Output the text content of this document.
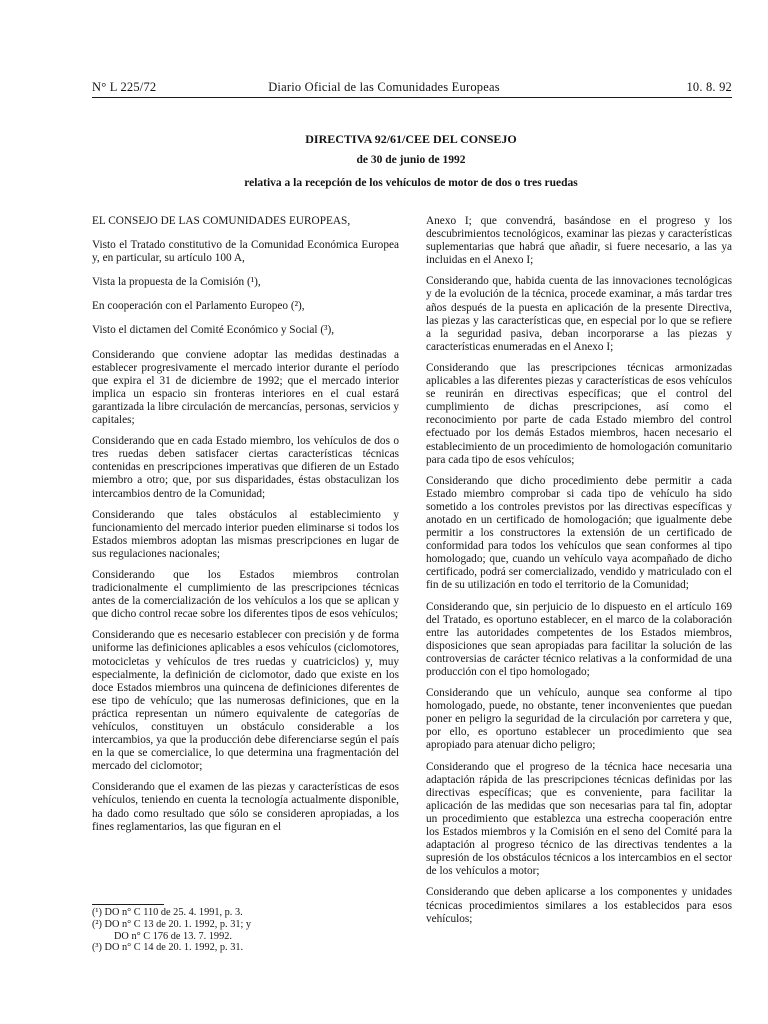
N° L 225/72	Diario Oficial de las Comunidades Europeas	10. 8. 92
DIRECTIVA 92/61/CEE DEL CONSEJO
de 30 de junio de 1992
relativa a la recepción de los vehículos de motor de dos o tres ruedas

EL CONSEJO DE LAS COMUNIDADES EUROPEAS,

Visto el Tratado constitutivo de la Comunidad Económica Europea y, en particular, su artículo 100 A,

Vista la propuesta de la Comisión (¹),

En cooperación con el Parlamento Europeo (²),

Visto el dictamen del Comité Económico y Social (³),

Considerando que conviene adoptar las medidas destinadas a establecer progresivamente el mercado interior durante el período que expira el 31 de diciembre de 1992; que el mercado interior implica un espacio sin fronteras interiores en el cual estará garantizada la libre circulación de mercancías, personas, servicios y capitales;

Considerando que en cada Estado miembro, los vehículos de dos o tres ruedas deben satisfacer ciertas características técnicas contenidas en prescripciones imperativas que difieren de un Estado miembro a otro; que, por sus disparidades, éstas obstaculizan los intercambios dentro de la Comunidad;

Considerando que tales obstáculos al establecimiento y funcionamiento del mercado interior pueden eliminarse si todos los Estados miembros adoptan las mismas prescripciones en lugar de sus regulaciones nacionales;

Considerando que los Estados miembros controlan tradicionalmente el cumplimiento de las prescripciones técnicas antes de la comercialización de los vehículos a los que se aplican y que dicho control recae sobre los diferentes tipos de esos vehículos;

Considerando que es necesario establecer con precisión y de forma uniforme las definiciones aplicables a esos vehículos (ciclomotores, motocicletas y vehículos de tres ruedas y cuatriciclos) y, muy especialmente, la definición de ciclomotor, dado que existe en los doce Estados miembros una quincena de definiciones diferentes de ese tipo de vehículo; que las numerosas definiciones, que en la práctica representan un número equivalente de categorías de vehículos, constituyen un obstáculo considerable a los intercambios, ya que la producción debe diferenciarse según el país en la que se comercialice, lo que determina una fragmentación del mercado del ciclomotor;

Considerando que el examen de las piezas y características de esos vehículos, teniendo en cuenta la tecnología actualmente disponible, ha dado como resultado que sólo se consideren apropiadas, a los fines reglamentarios, las que figuran en el

Anexo I; que convendrá, basándose en el progreso y los descubrimientos tecnológicos, examinar las piezas y características suplementarias que habrá que añadir, si fuere necesario, a las ya incluidas en el Anexo I;

Considerando que, habida cuenta de las innovaciones tecnológicas y de la evolución de la técnica, procede examinar, a más tardar tres años después de la puesta en aplicación de la presente Directiva, las piezas y las características que, en especial por lo que se refiere a la seguridad pasiva, deban incorporarse a las piezas y características enumeradas en el Anexo I;

Considerando que las prescripciones técnicas armonizadas aplicables a las diferentes piezas y características de esos vehículos se reunirán en directivas específicas; que el control del cumplimiento de dichas prescripciones, así como el reconocimiento por parte de cada Estado miembro del control efectuado por los demás Estados miembros, hacen necesario el establecimiento de un procedimiento de homologación comunitario para cada tipo de esos vehículos;

Considerando que dicho procedimiento debe permitir a cada Estado miembro comprobar si cada tipo de vehículo ha sido sometido a los controles previstos por las directivas específicas y anotado en un certificado de homologación; que igualmente debe permitir a los constructores la extensión de un certificado de conformidad para todos los vehículos que sean conformes al tipo homologado; que, cuando un vehículo vaya acompañado de dicho certificado, podrá ser comercializado, vendido y matriculado con el fin de su utilización en todo el territorio de la Comunidad;

Considerando que, sin perjuicio de lo dispuesto en el artículo 169 del Tratado, es oportuno establecer, en el marco de la colaboración entre las autoridades competentes de los Estados miembros, disposiciones que sean apropiadas para facilitar la solución de las controversias de carácter técnico relativas a la conformidad de una producción con el tipo homologado;

Considerando que un vehículo, aunque sea conforme al tipo homologado, puede, no obstante, tener inconvenientes que puedan poner en peligro la seguridad de la circulación por carretera y que, por ello, es oportuno establecer un procedimiento que sea apropiado para atenuar dicho peligro;

Considerando que el progreso de la técnica hace necesaria una adaptación rápida de las prescripciones técnicas definidas por las directivas específicas; que es conveniente, para facilitar la aplicación de las medidas que son necesarias para tal fin, adoptar un procedimiento que establezca una estrecha cooperación entre los Estados miembros y la Comisión en el seno del Comité para la adaptación al progreso técnico de las directivas tendentes a la supresión de los obstáculos técnicos a los intercambios en el sector de los vehículos a motor;

Considerando que deben aplicarse a los componentes y unidades técnicas procedimientos similares a los establecidos para esos vehículos;

(¹) DO n° C 110 de 25. 4. 1991, p. 3.
(²) DO n° C 13 de 20. 1. 1992, p. 31; y
DO n° C 176 de 13. 7. 1992.
(³) DO n° C 14 de 20. 1. 1992, p. 31.
